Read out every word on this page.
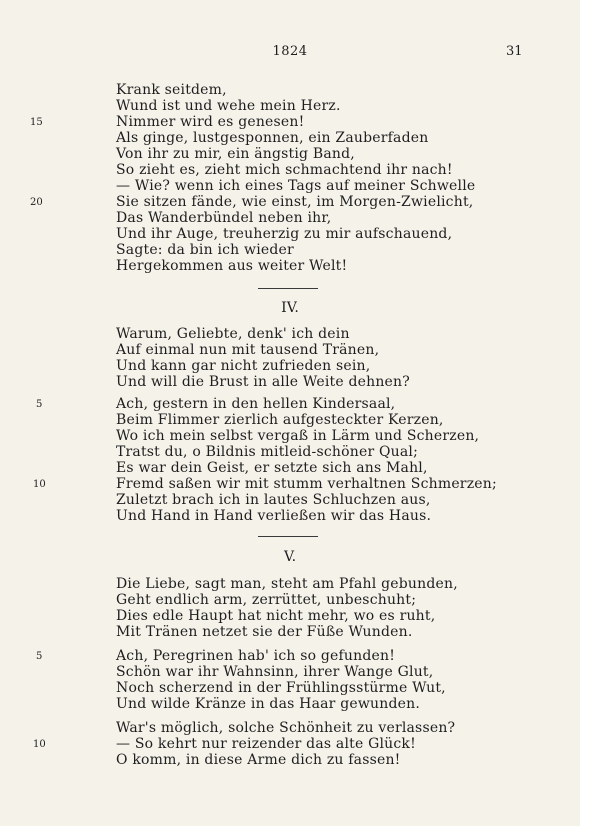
1824	31
Krank seitdem,
Wund ist und wehe mein Herz.
Nimmer wird es genesen!
Als ginge, lustgesponnen, ein Zauberfaden
Von ihr zu mir, ein ängstig Band,
So zieht es, zieht mich schmachtend ihr nach!
— Wie? wenn ich eines Tags auf meiner Schwelle
Sie sitzen fände, wie einst, im Morgen-Zwielicht,
Das Wanderbündel neben ihr,
Und ihr Auge, treuherzig zu mir aufschauend,
Sagte: da bin ich wieder
Hergekommen aus weiter Welt!
15
20
IV.
Warum, Geliebte, denk' ich dein
Auf einmal nun mit tausend Tränen,
Und kann gar nicht zufrieden sein,
Und will die Brust in alle Weite dehnen?
Ach, gestern in den hellen Kindersaal,
Beim Flimmer zierlich aufgesteckter Kerzen,
Wo ich mein selbst vergaß in Lärm und Scherzen,
Tratst du, o Bildnis mitleid-schöner Qual;
Es war dein Geist, er setzte sich ans Mahl,
Fremd saßen wir mit stumm verhaltnen Schmerzen;
Zuletzt brach ich in lautes Schluchzen aus,
Und Hand in Hand verließen wir das Haus.
5
10
V.
Die Liebe, sagt man, steht am Pfahl gebunden,
Geht endlich arm, zerrüttet, unbeschuht;
Dies edle Haupt hat nicht mehr, wo es ruht,
Mit Tränen netzet sie der Füße Wunden.
Ach, Peregrinen hab' ich so gefunden!
Schön war ihr Wahnsinn, ihrer Wange Glut,
Noch scherzend in der Frühlingsstürme Wut,
Und wilde Kränze in das Haar gewunden.
War's möglich, solche Schönheit zu verlassen?
— So kehrt nur reizender das alte Glück!
O komm, in diese Arme dich zu fassen!
5
10
